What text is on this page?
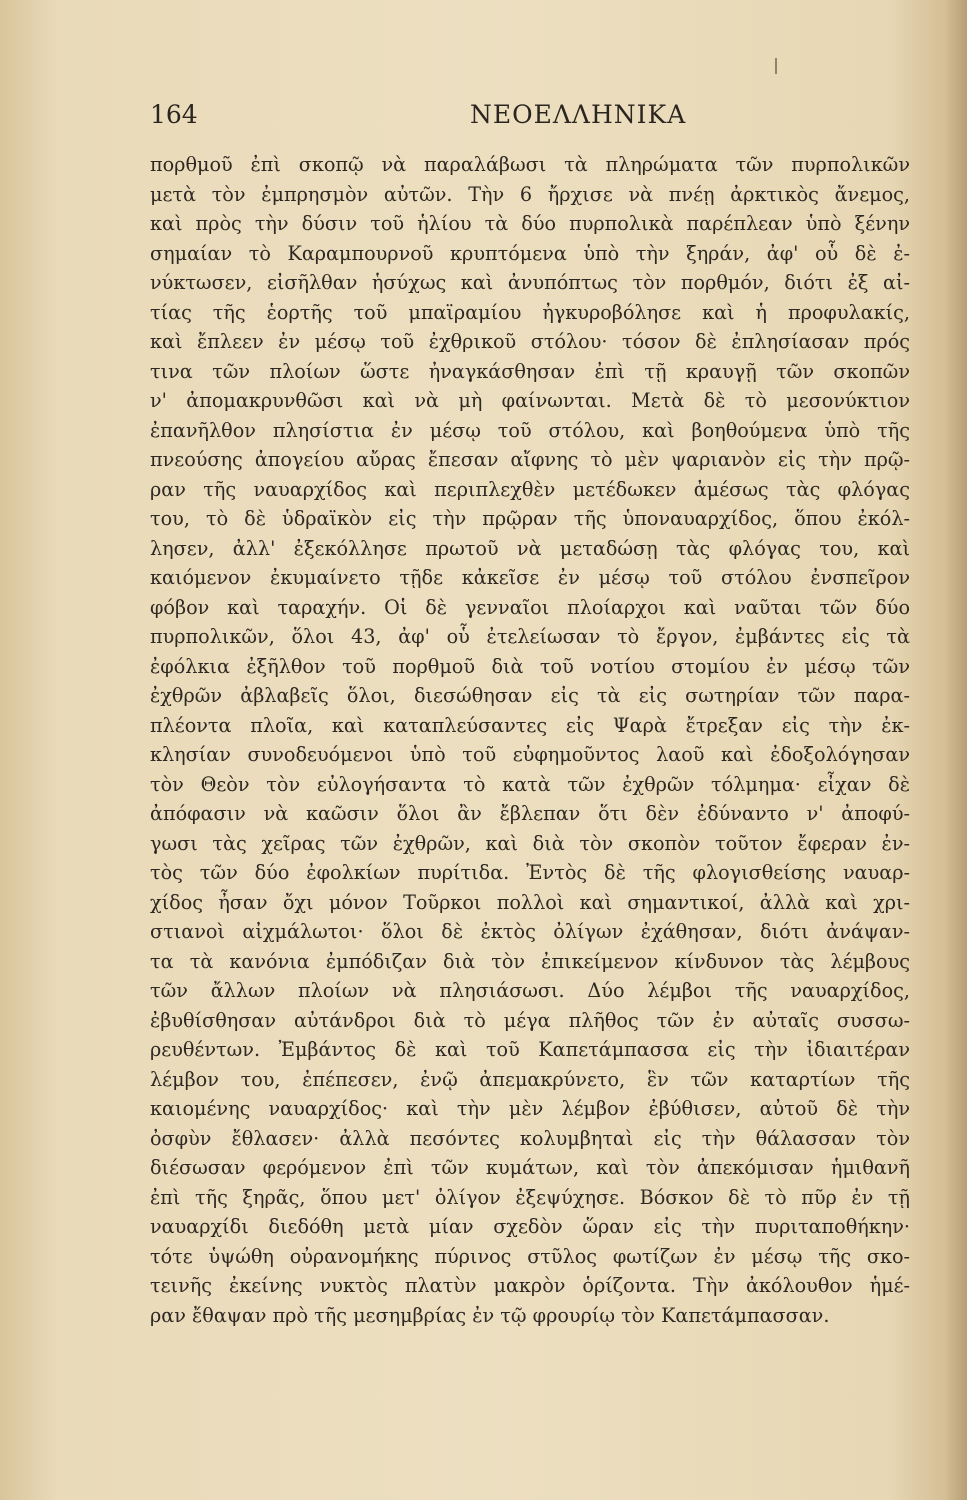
164	ΝΕΟΕΛΛΗΝΙΚΑ
πορθμοῦ ἐπὶ σκοπῷ νὰ παραλάβωσι τὰ πληρώματα τῶν πυρπολικῶν
μετὰ τὸν ἐμπρησμὸν αὐτῶν. Τὴν 6 ἤρχισε νὰ πνέῃ ἀρκτικὸς ἄνεμος,
καὶ πρὸς τὴν δύσιν τοῦ ἡλίου τὰ δύο πυρπολικὰ παρέπλεαν ὑπὸ ξένην
σημαίαν τὸ Καραμπουρνοῦ κρυπτόμενα ὑπὸ τὴν ξηράν, ἀφ' οὗ δὲ ἐ-
νύκτωσεν, εἰσῆλθαν ἡσύχως καὶ ἀνυπόπτως τὸν πορθμόν, διότι ἐξ αἰ-
τίας τῆς ἑορτῆς τοῦ μπαϊραμίου ἠγκυροβόλησε καὶ ἡ προφυλακίς,
καὶ ἔπλεεν ἐν μέσῳ τοῦ ἐχθρικοῦ στόλου· τόσον δὲ ἐπλησίασαν πρός
τινα τῶν πλοίων ὥστε ἠναγκάσθησαν ἐπὶ τῇ κραυγῇ τῶν σκοπῶν
ν' ἀπομακρυνθῶσι καὶ νὰ μὴ φαίνωνται. Μετὰ δὲ τὸ μεσονύκτιον
ἐπανῆλθον πλησίστια ἐν μέσῳ τοῦ στόλου, καὶ βοηθούμενα ὑπὸ τῆς
πνεούσης ἀπογείου αὔρας ἔπεσαν αἴφνης τὸ μὲν ψαριανὸν εἰς τὴν πρῷ-
ραν τῆς ναυαρχίδος καὶ περιπλεχθὲν μετέδωκεν ἀμέσως τὰς φλόγας
του, τὸ δὲ ὑδραϊκὸν εἰς τὴν πρῷραν τῆς ὑποναυαρχίδος, ὅπου ἐκόλ-
λησεν, ἀλλ' ἐξεκόλλησε πρωτοῦ νὰ μεταδώσῃ τὰς φλόγας του, καὶ
καιόμενον ἐκυμαίνετο τῇδε κἀκεῖσε ἐν μέσῳ τοῦ στόλου ἐνσπεῖρον
φόβον καὶ ταραχήν. Οἱ δὲ γενναῖοι πλοίαρχοι καὶ ναῦται τῶν δύο
πυρπολικῶν, ὅλοι 43, ἀφ' οὗ ἐτελείωσαν τὸ ἔργον, ἐμβάντες εἰς τὰ
ἐφόλκια ἐξῆλθον τοῦ πορθμοῦ διὰ τοῦ νοτίου στομίου ἐν μέσῳ τῶν
ἐχθρῶν ἀβλαβεῖς ὅλοι, διεσώθησαν εἰς τὰ εἰς σωτηρίαν τῶν παρα-
πλέοντα πλοῖα, καὶ καταπλεύσαντες εἰς Ψαρὰ ἔτρεξαν εἰς τὴν ἐκ-
κλησίαν συνοδευόμενοι ὑπὸ τοῦ εὐφημοῦντος λαοῦ καὶ ἐδοξολόγησαν
τὸν Θεὸν τὸν εὐλογήσαντα τὸ κατὰ τῶν ἐχθρῶν τόλμημα· εἶχαν δὲ
ἀπόφασιν νὰ καῶσιν ὅλοι ἂν ἔβλεπαν ὅτι δὲν ἐδύναντο ν' ἀποφύ-
γωσι τὰς χεῖρας τῶν ἐχθρῶν, καὶ διὰ τὸν σκοπὸν τοῦτον ἔφεραν ἐν-
τὸς τῶν δύο ἐφολκίων πυρίτιδα. Ἐντὸς δὲ τῆς φλογισθείσης ναυαρ-
χίδος ἦσαν ὄχι μόνον Τοῦρκοι πολλοὶ καὶ σημαντικοί, ἀλλὰ καὶ χρι-
στιανοὶ αἰχμάλωτοι· ὅλοι δὲ ἐκτὸς ὀλίγων ἐχάθησαν, διότι ἀνάψαν-
τα τὰ κανόνια ἐμπόδιζαν διὰ τὸν ἐπικείμενον κίνδυνον τὰς λέμβους
τῶν ἄλλων πλοίων νὰ πλησιάσωσι. Δύο λέμβοι τῆς ναυαρχίδος,
ἐβυθίσθησαν αὐτάνδροι διὰ τὸ μέγα πλῆθος τῶν ἐν αὐταῖς συσσω-
ρευθέντων. Ἐμβάντος δὲ καὶ τοῦ Καπετάμπασσα εἰς τὴν ἰδιαιτέραν
λέμβον του, ἐπέπεσεν, ἐνῷ ἀπεμακρύνετο, ἓν τῶν καταρτίων τῆς
καιομένης ναυαρχίδος· καὶ τὴν μὲν λέμβον ἐβύθισεν, αὐτοῦ δὲ τὴν
ὀσφὺν ἔθλασεν· ἀλλὰ πεσόντες κολυμβηταὶ εἰς τὴν θάλασσαν τὸν
διέσωσαν φερόμενον ἐπὶ τῶν κυμάτων, καὶ τὸν ἀπεκόμισαν ἡμιθανῆ
ἐπὶ τῆς ξηρᾶς, ὅπου μετ' ὀλίγον ἐξεψύχησε. Βόσκον δὲ τὸ πῦρ ἐν τῇ
ναυαρχίδι διεδόθη μετὰ μίαν σχεδὸν ὥραν εἰς τὴν πυριταποθήκην·
τότε ὑψώθη οὐρανομήκης πύρινος στῦλος φωτίζων ἐν μέσῳ τῆς σκο-
τεινῆς ἐκείνης νυκτὸς πλατὺν μακρὸν ὁρίζοντα. Τὴν ἀκόλουθον ἡμέ-
ραν ἔθαψαν πρὸ τῆς μεσημβρίας ἐν τῷ φρουρίῳ τὸν Καπετάμπασσαν.
